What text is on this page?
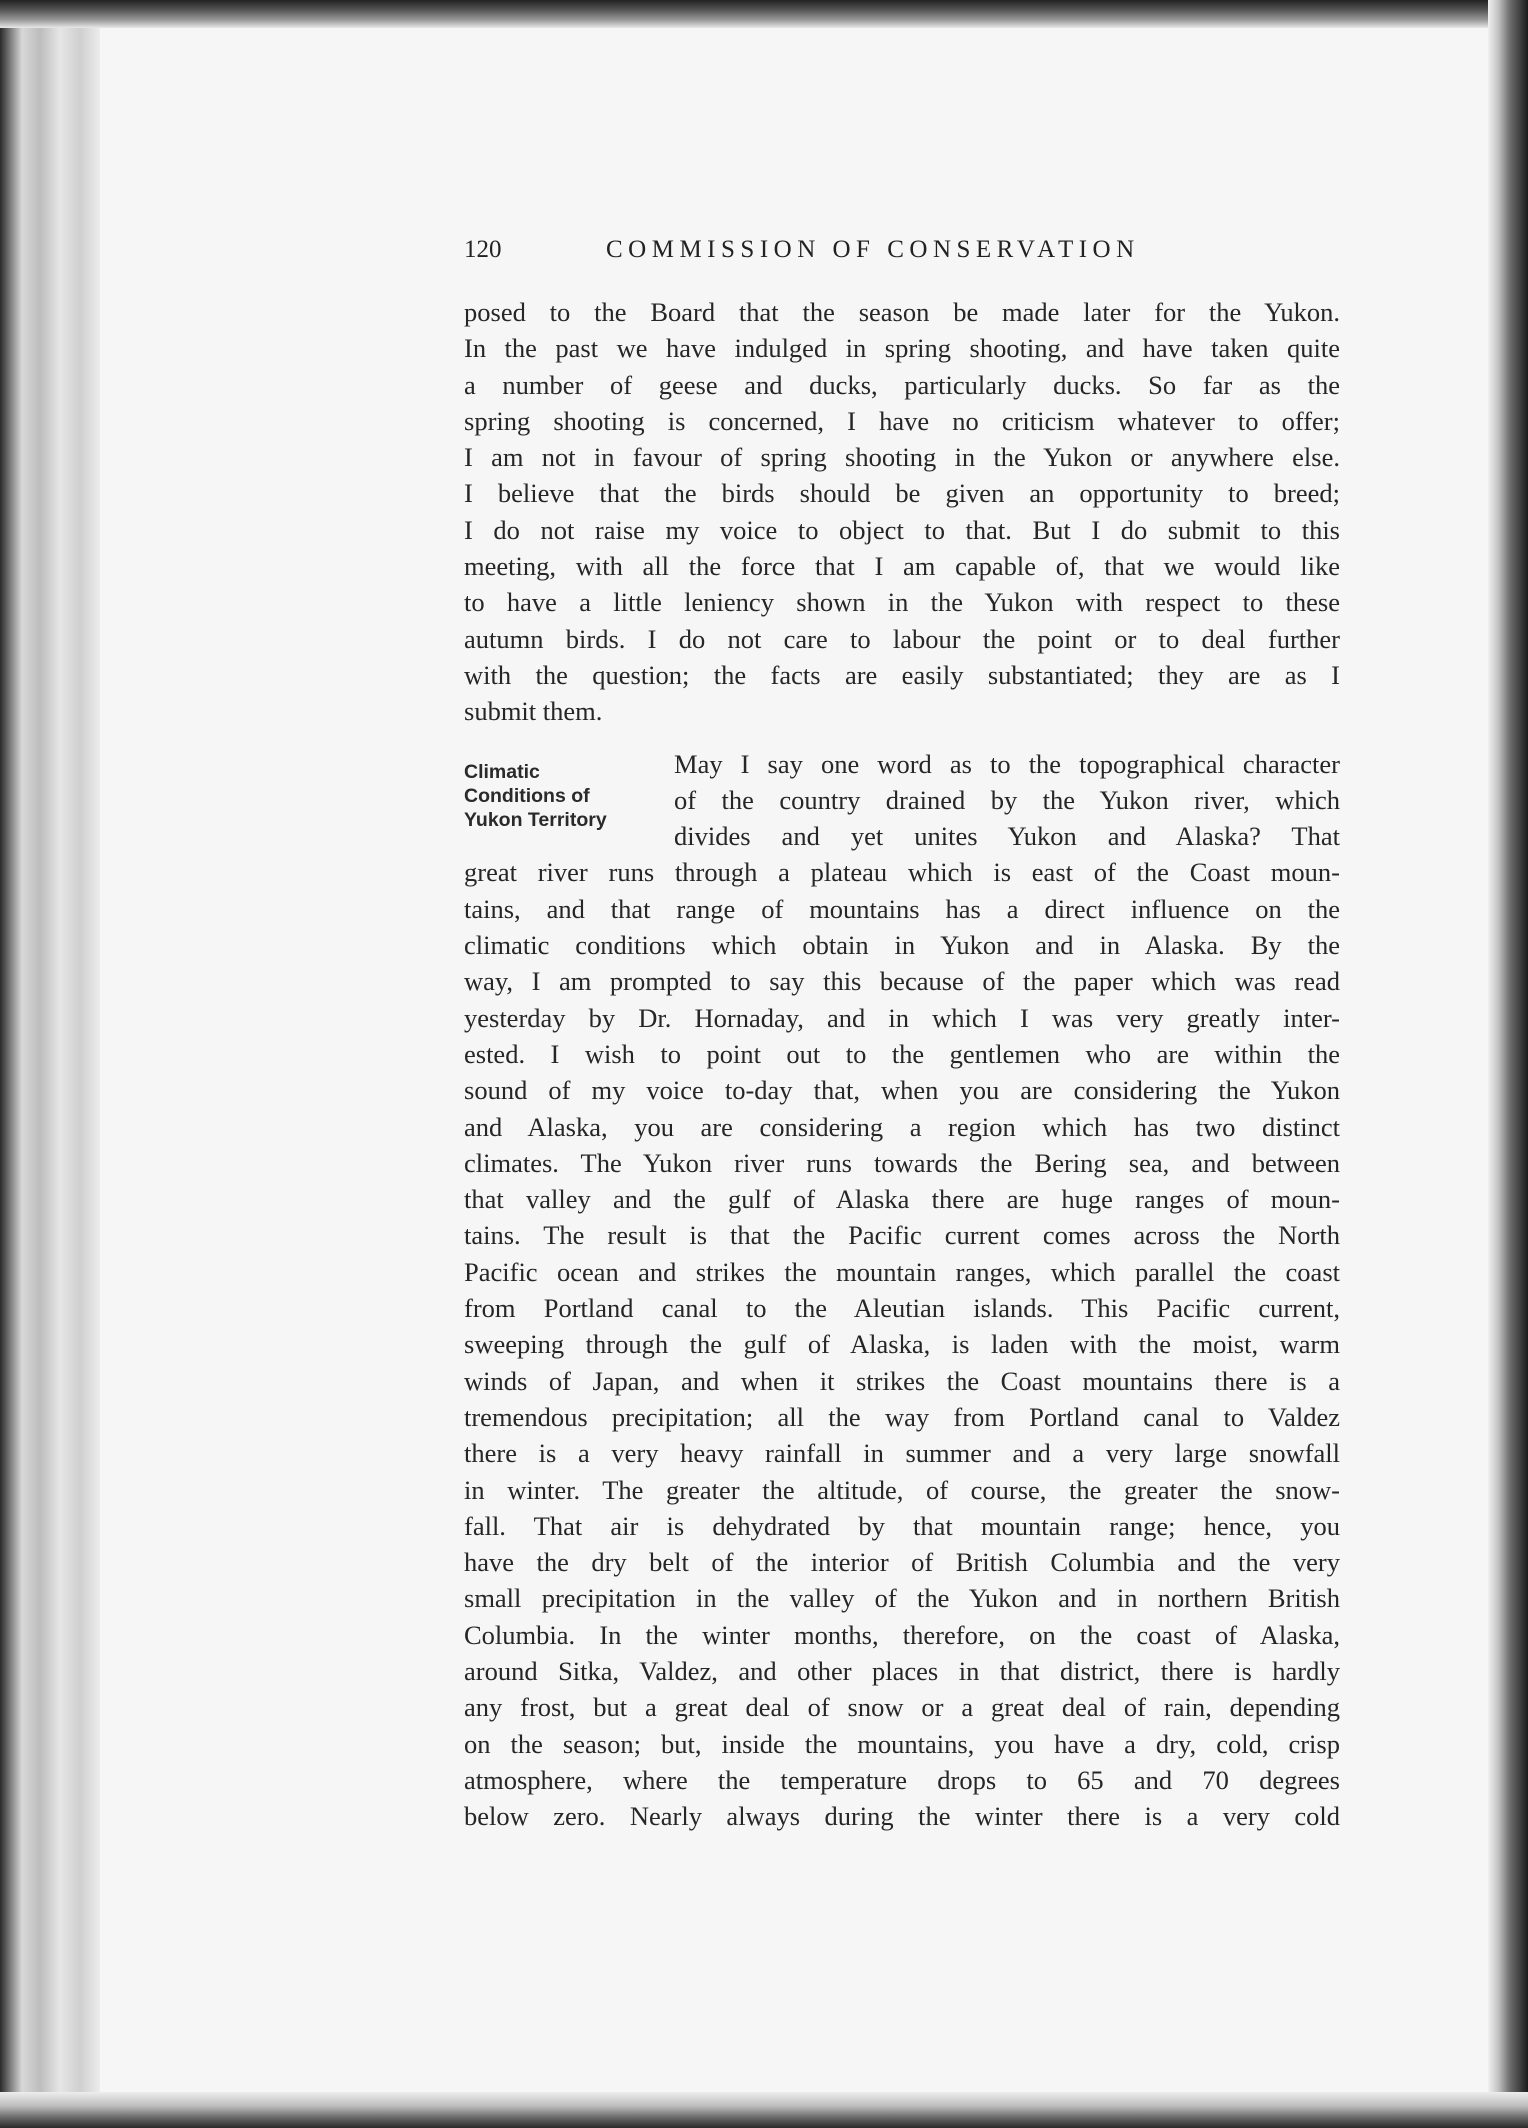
120	COMMISSION OF CONSERVATION
posed to the Board that the season be made later for the Yukon.
In the past we have indulged in spring shooting, and have taken quite
a number of geese and ducks, particularly ducks. So far as the
spring shooting is concerned, I have no criticism whatever to offer;
I am not in favour of spring shooting in the Yukon or anywhere else.
I believe that the birds should be given an opportunity to breed;
I do not raise my voice to object to that. But I do submit to this
meeting, with all the force that I am capable of, that we would like
to have a little leniency shown in the Yukon with respect to these
autumn birds. I do not care to labour the point or to deal further
with the question; the facts are easily substantiated; they are as I
submit them.
May I say one word as to the topographical character
of the country drained by the Yukon river, which
divides and yet unites Yukon and Alaska? That
great river runs through a plateau which is east of the Coast moun-
tains, and that range of mountains has a direct influence on the
climatic conditions which obtain in Yukon and in Alaska. By the
way, I am prompted to say this because of the paper which was read
yesterday by Dr. Hornaday, and in which I was very greatly inter-
ested. I wish to point out to the gentlemen who are within the
sound of my voice to-day that, when you are considering the Yukon
and Alaska, you are considering a region which has two distinct
climates. The Yukon river runs towards the Bering sea, and between
that valley and the gulf of Alaska there are huge ranges of moun-
tains. The result is that the Pacific current comes across the North
Pacific ocean and strikes the mountain ranges, which parallel the coast
from Portland canal to the Aleutian islands. This Pacific current,
sweeping through the gulf of Alaska, is laden with the moist, warm
winds of Japan, and when it strikes the Coast mountains there is a
tremendous precipitation; all the way from Portland canal to Valdez
there is a very heavy rainfall in summer and a very large snowfall
in winter. The greater the altitude, of course, the greater the snow-
fall. That air is dehydrated by that mountain range; hence, you
have the dry belt of the interior of British Columbia and the very
small precipitation in the valley of the Yukon and in northern British
Columbia. In the winter months, therefore, on the coast of Alaska,
around Sitka, Valdez, and other places in that district, there is hardly
any frost, but a great deal of snow or a great deal of rain, depending
on the season; but, inside the mountains, you have a dry, cold, crisp
atmosphere, where the temperature drops to 65 and 70 degrees
below zero. Nearly always during the winter there is a very cold
Climatic
Conditions of
Yukon Territory
